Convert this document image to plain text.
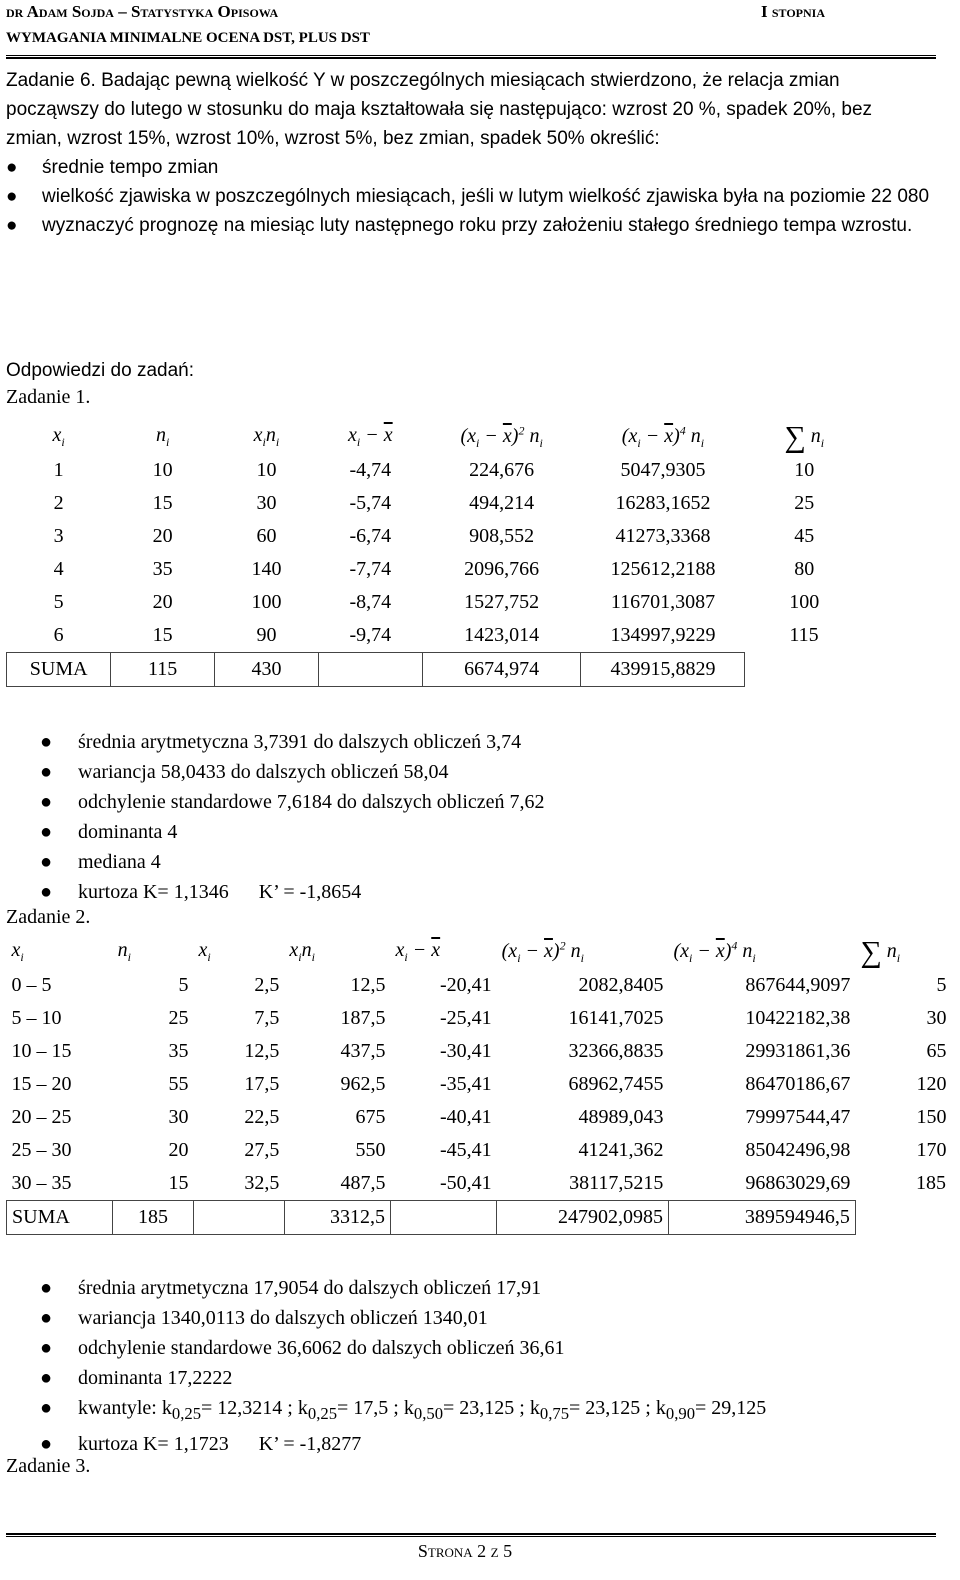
dr Adam Sojda – Statystyka Opisowa	I stopnia
WYMAGANIA MINIMALNE OCENA DST, PLUS DST

Zadanie 6. Badając pewną wielkość Y w poszczególnych miesiącach stwierdzono, że relacja zmian począwszy do lutego w stosunku do maja kształtowała się następująco: wzrost 20 %, spadek 20%, bez zmian, wzrost 15%, wzrost 10%, wzrost 5%, bez zmian, spadek 50% określić:

● średnie tempo zmian
● wielkość zjawiska w poszczególnych miesiącach, jeśli w lutym wielkość zjawiska była na poziomie 22 080
● wyznaczyć prognozę na miesiąc luty następnego roku przy założeniu stałego średniego tempa wzrostu.
Odpowiedzi do zadań:
Zadanie 1.
$x_i$	$n_i$	$x_in_i$	$x_i - \overline{x}$	$(x_i - \overline{x})^2$ $n_i$	$(x_i - \overline{x})^4$ $n_i$	∑ $n_i$
1	10	10	-4,74	224,676	5047,9305	10
2	15	30	-5,74	494,214	16283,1652	25
3	20	60	-6,74	908,552	41273,3368	45
4	35	140	-7,74	2096,766	125612,2188	80
5	20	100	-8,74	1527,752	116701,3087	100
6	15	90	-9,74	1423,014	134997,9229	115
SUMA	115	430		6674,974	439915,8829	
● średnia arytmetyczna 3,7391 do dalszych obliczeń 3,74
● wariancja 58,0433 do dalszych obliczeń 58,04
● odchylenie standardowe 7,6184 do dalszych obliczeń 7,62
● dominanta 4
● mediana 4
● kurtoza K= 1,1346      K’ = -1,8654
Zadanie 2.
$x_i$	$n_i$	$x_i$	$x_in_i$	$x_i - \overline{x}$	$(x_i - \overline{x})^2$ $n_i$	$(x_i - \overline{x})^4$ $n_i$	∑ $n_i$
0 – 5	5	2,5	12,5	-20,41	2082,8405	867644,9097	5
5 – 10	25	7,5	187,5	-25,41	16141,7025	10422182,38	30
10 – 15	35	12,5	437,5	-30,41	32366,8835	29931861,36	65
15 – 20	55	17,5	962,5	-35,41	68962,7455	86470186,67	120
20 – 25	30	22,5	675	-40,41	48989,043	79997544,47	150
25 – 30	20	27,5	550	-45,41	41241,362	85042496,98	170
30 – 35	15	32,5	487,5	-50,41	38117,5215	96863029,69	185
SUMA	185		3312,5		247902,0985	389594946,5	
● średnia arytmetyczna 17,9054 do dalszych obliczeń 17,91
● wariancja 1340,0113 do dalszych obliczeń 1340,01
● odchylenie standardowe 36,6062 do dalszych obliczeń 36,61
● dominanta 17,2222
● kwantyle: $k_{0,25}= 12,3214$ ; $k_{0,25}= 17,5$ ; $k_{0,50}= 23,125$ ; $k_{0,75}= 23,125$ ; $k_{0,90}= 29,125$
● kurtoza K= 1,1723      K’ = -1,8277
Zadanie 3.
Strona 2 z 5
